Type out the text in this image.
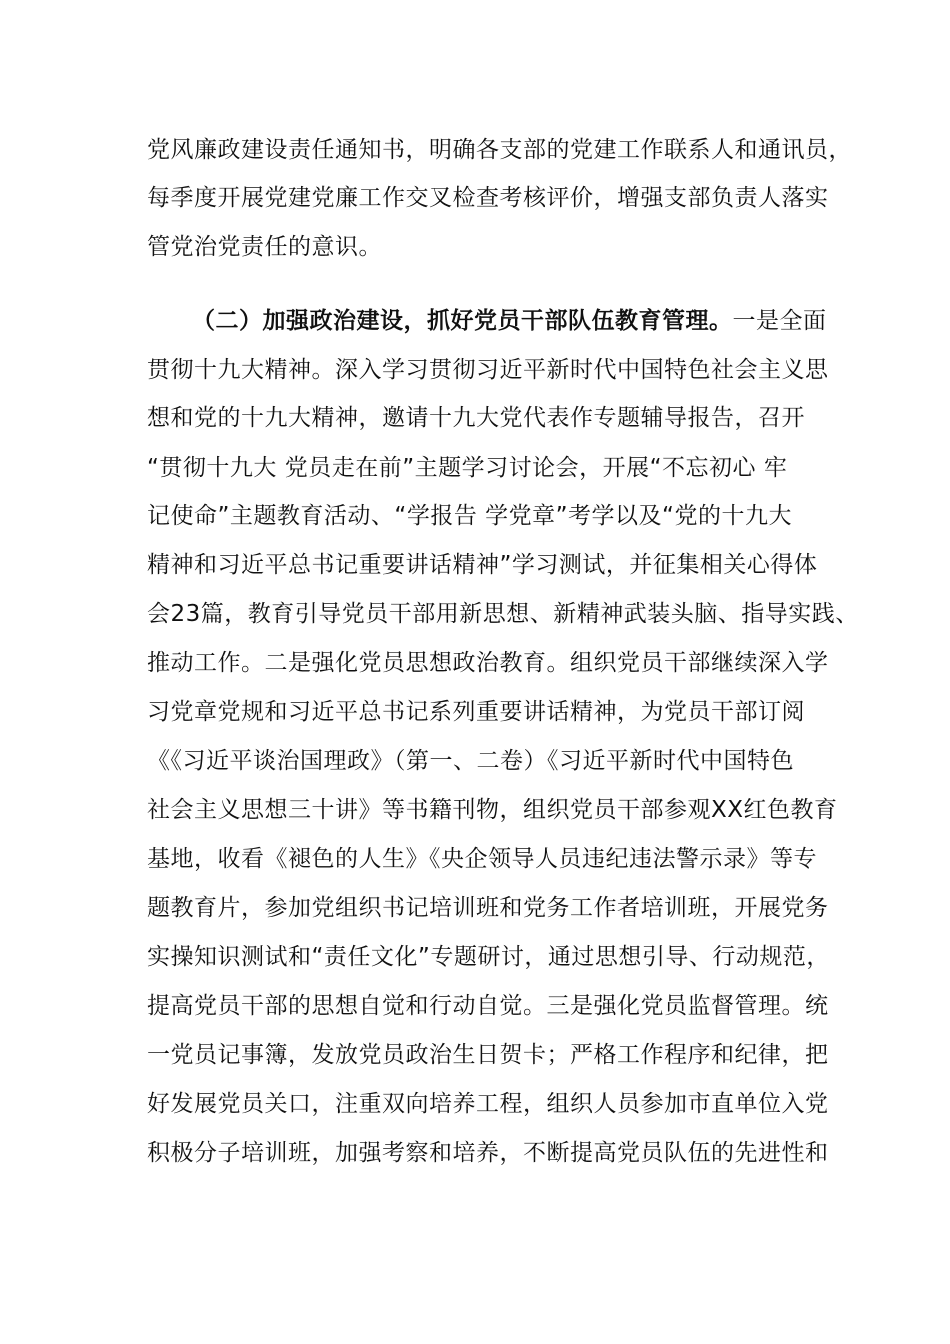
党风廉政建设责任通知书，明确各支部的党建工作联系人和通讯员，
每季度开展党建党廉工作交叉检查考核评价，增强支部负责人落实
管党治党责任的意识。
（二）加强政治建设，抓好党员干部队伍教育管理。一是全面
贯彻十九大精神。深入学习贯彻习近平新时代中国特色社会主义思
想和党的十九大精神，邀请十九大党代表作专题辅导报告，召开
“贯彻十九大 党员走在前”主题学习讨论会，开展“不忘初心 牢
记使命”主题教育活动、“学报告 学党章”考学以及“党的十九大
精神和习近平总书记重要讲话精神”学习测试，并征集相关心得体
会23篇，教育引导党员干部用新思想、新精神武装头脑、指导实践、
推动工作。二是强化党员思想政治教育。组织党员干部继续深入学
习党章党规和习近平总书记系列重要讲话精神，为党员干部订阅
《《习近平谈治国理政》（第一、二卷）《习近平新时代中国特色
社会主义思想三十讲》等书籍刊物，组织党员干部参观XX红色教育
基地，收看《褪色的人生》《央企领导人员违纪违法警示录》等专
题教育片，参加党组织书记培训班和党务工作者培训班，开展党务
实操知识测试和“责任文化”专题研讨，通过思想引导、行动规范，
提高党员干部的思想自觉和行动自觉。三是强化党员监督管理。统
一党员记事簿，发放党员政治生日贺卡；严格工作程序和纪律，把
好发展党员关口，注重双向培养工程，组织人员参加市直单位入党
积极分子培训班，加强考察和培养，不断提高党员队伍的先进性和
